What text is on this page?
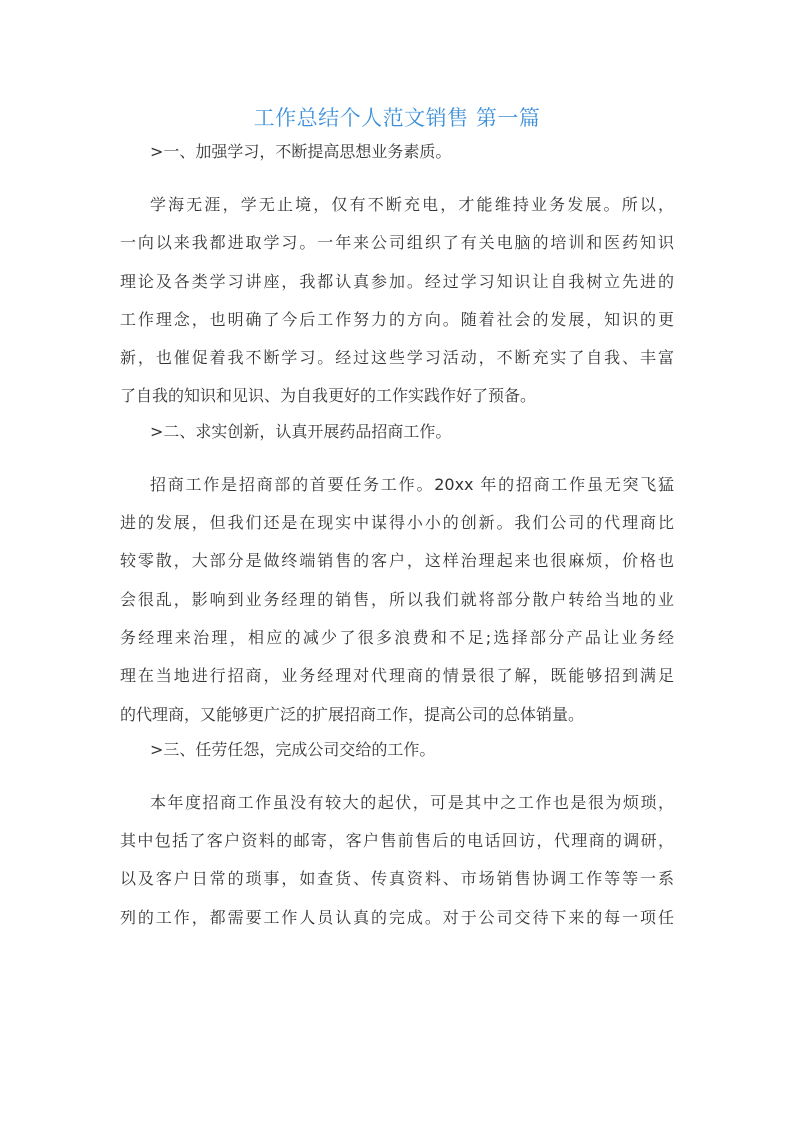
工作总结个人范文销售 第一篇

>一、加强学习，不断提高思想业务素质。

学海无涯，学无止境，仅有不断充电，才能维持业务发展。所以，
一向以来我都进取学习。一年来公司组织了有关电脑的培训和医药知识
理论及各类学习讲座，我都认真参加。经过学习知识让自我树立先进的
工作理念，也明确了今后工作努力的方向。随着社会的发展，知识的更
新，也催促着我不断学习。经过这些学习活动，不断充实了自我、丰富
了自我的知识和见识、为自我更好的工作实践作好了预备。

>二、求实创新，认真开展药品招商工作。

招商工作是招商部的首要任务工作。20xx 年的招商工作虽无突飞猛
进的发展，但我们还是在现实中谋得小小的创新。我们公司的代理商比
较零散，大部分是做终端销售的客户，这样治理起来也很麻烦，价格也
会很乱，影响到业务经理的销售，所以我们就将部分散户转给当地的业
务经理来治理，相应的减少了很多浪费和不足;选择部分产品让业务经
理在当地进行招商，业务经理对代理商的情景很了解，既能够招到满足
的代理商，又能够更广泛的扩展招商工作，提高公司的总体销量。

>三、任劳任怨，完成公司交给的工作。

本年度招商工作虽没有较大的起伏，可是其中之工作也是很为烦琐，
其中包括了客户资料的邮寄，客户售前售后的电话回访，代理商的调研，
以及客户日常的琐事，如查货、传真资料、市场销售协调工作等等一系
列的工作，都需要工作人员认真的完成。对于公司交待下来的每一项任
